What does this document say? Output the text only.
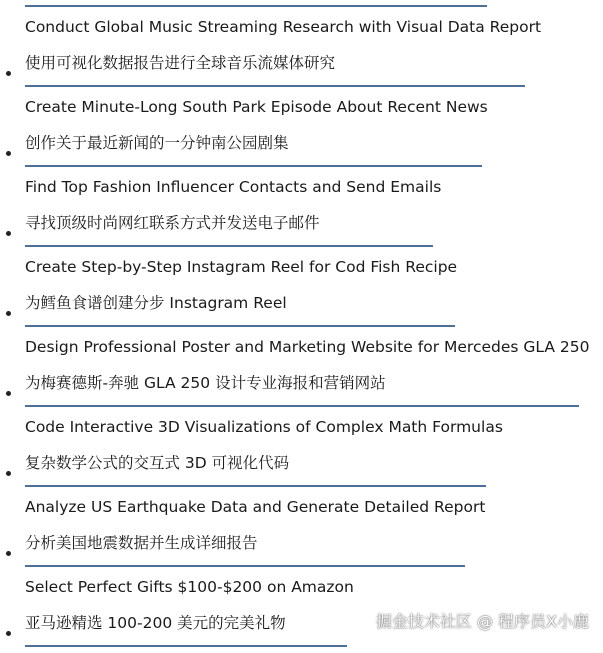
Conduct Global Music Streaming Research with Visual Data Report
使用可视化数据报告进行全球音乐流媒体研究
Create Minute-Long South Park Episode About Recent News
创作关于最近新闻的一分钟南公园剧集
Find Top Fashion Influencer Contacts and Send Emails
寻找顶级时尚网红联系方式并发送电子邮件
Create Step-by-Step Instagram Reel for Cod Fish Recipe
为鳕鱼食谱创建分步 Instagram Reel
Design Professional Poster and Marketing Website for Mercedes GLA 250
为梅赛德斯-奔驰 GLA 250 设计专业海报和营销网站
Code Interactive 3D Visualizations of Complex Math Formulas
复杂数学公式的交互式 3D 可视化代码
Analyze US Earthquake Data and Generate Detailed Report
分析美国地震数据并生成详细报告
Select Perfect Gifts $100-$200 on Amazon
亚马逊精选 100-200 美元的完美礼物	掘金技术社区 @ 程序员X小鹿
